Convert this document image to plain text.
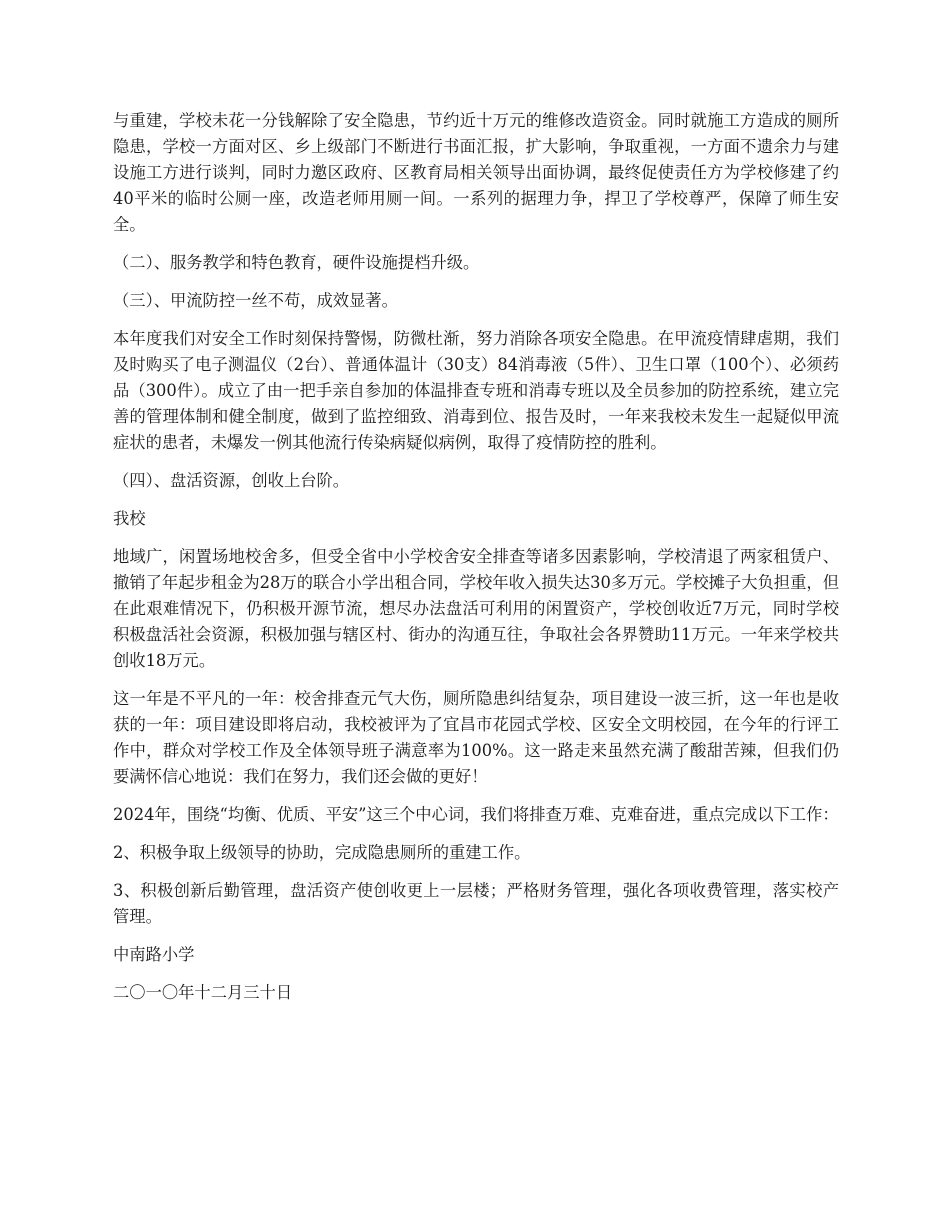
与重建，学校未花一分钱解除了安全隐患，节约近十万元的维修改造资金。同时就施工方造成的厕所隐患，学校一方面对区、乡上级部门不断进行书面汇报，扩大影响，争取重视，一方面不遗余力与建设施工方进行谈判，同时力邀区政府、区教育局相关领导出面协调，最终促使责任方为学校修建了约40平米的临时公厕一座，改造老师用厕一间。一系列的据理力争，捍卫了学校尊严，保障了师生安全。

（二）、服务教学和特色教育，硬件设施提档升级。

（三）、甲流防控一丝不苟，成效显著。

本年度我们对安全工作时刻保持警惕，防微杜渐，努力消除各项安全隐患。在甲流疫情肆虐期，我们及时购买了电子测温仪（2台）、普通体温计（30支）84消毒液（5件）、卫生口罩（100个）、必须药品（300件）。成立了由一把手亲自参加的体温排查专班和消毒专班以及全员参加的防控系统，建立完善的管理体制和健全制度，做到了监控细致、消毒到位、报告及时，一年来我校未发生一起疑似甲流症状的患者，未爆发一例其他流行传染病疑似病例，取得了疫情防控的胜利。

（四）、盘活资源，创收上台阶。

我校

地域广，闲置场地校舍多，但受全省中小学校舍安全排查等诸多因素影响，学校清退了两家租赁户、撤销了年起步租金为28万的联合小学出租合同，学校年收入损失达30多万元。学校摊子大负担重，但在此艰难情况下，仍积极开源节流，想尽办法盘活可利用的闲置资产，学校创收近7万元，同时学校积极盘活社会资源，积极加强与辖区村、街办的沟通互往，争取社会各界赞助11万元。一年来学校共创收18万元。

这一年是不平凡的一年：校舍排查元气大伤，厕所隐患纠结复杂，项目建设一波三折，这一年也是收获的一年：项目建设即将启动，我校被评为了宜昌市花园式学校、区安全文明校园，在今年的行评工作中，群众对学校工作及全体领导班子满意率为100%。这一路走来虽然充满了酸甜苦辣，但我们仍要满怀信心地说：我们在努力，我们还会做的更好！

2024年，围绕“均衡、优质、平安”这三个中心词，我们将排查万难、克难奋进，重点完成以下工作：

2、积极争取上级领导的协助，完成隐患厕所的重建工作。

3、积极创新后勤管理，盘活资产使创收更上一层楼；严格财务管理，强化各项收费管理，落实校产管理。

中南路小学

二〇一〇年十二月三十日
